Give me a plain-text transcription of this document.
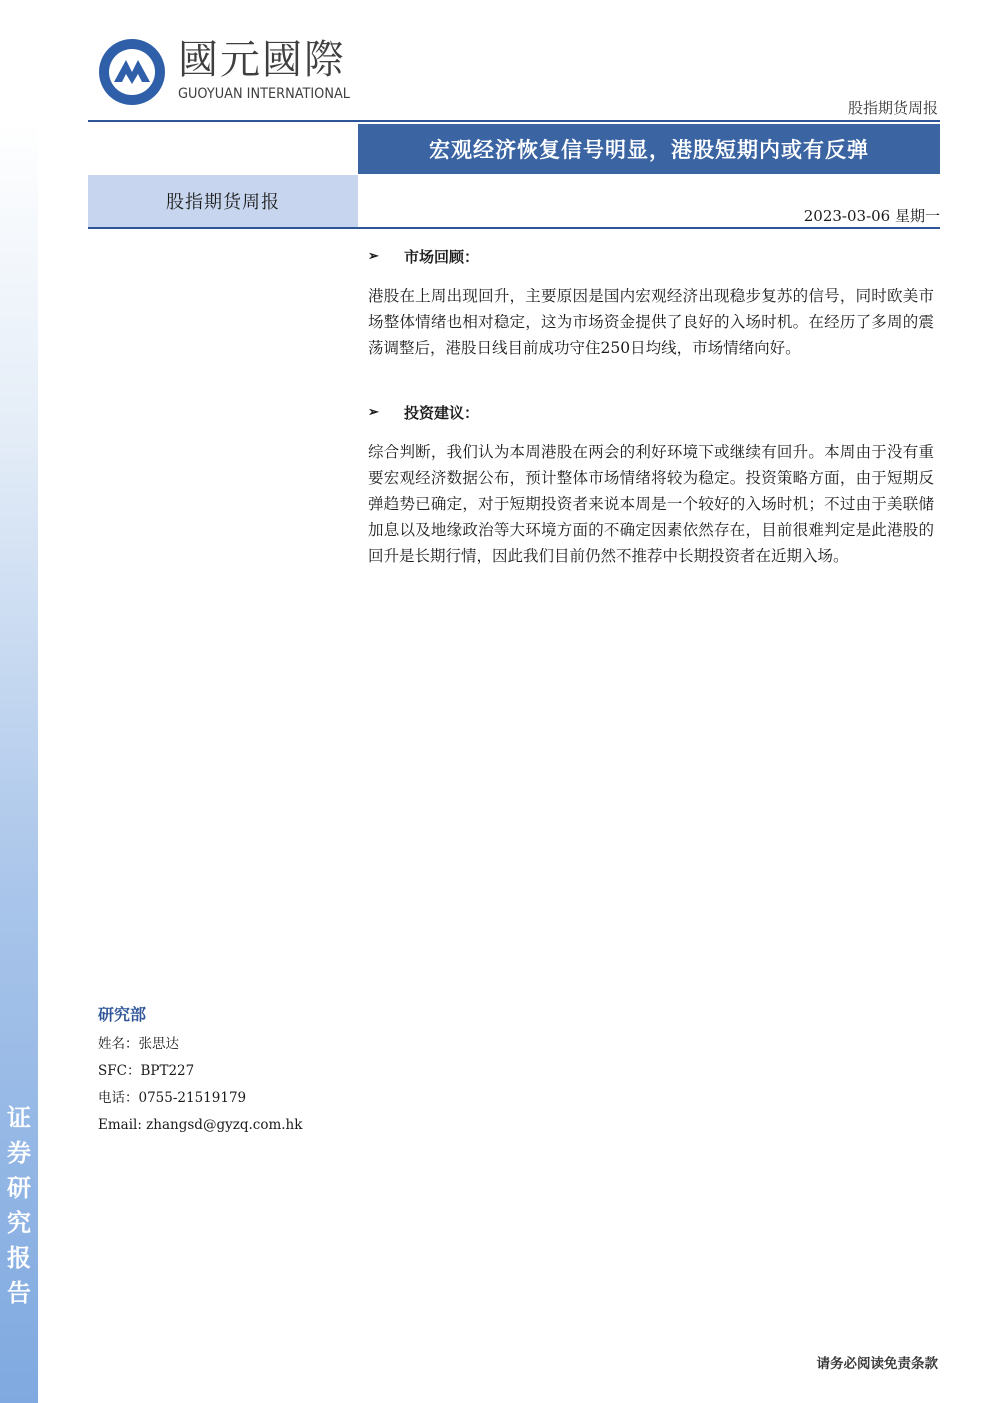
证
券
研
究
报
告
國元國際
GUOYUAN INTERNATIONAL
股指期货周报
宏观经济恢复信号明显，港股短期内或有反弹
股指期货周报
2023-03-06 星期一
➢	市场回顾：

港股在上周出现回升，主要原因是国内宏观经济出现稳步复苏的信号，同时欧美市场整体情绪也相对稳定，这为市场资金提供了良好的入场时机。在经历了多周的震荡调整后，港股日线目前成功守住250日均线，市场情绪向好。

➢	投资建议：

综合判断，我们认为本周港股在两会的利好环境下或继续有回升。本周由于没有重要宏观经济数据公布，预计整体市场情绪将较为稳定。投资策略方面，由于短期反弹趋势已确定，对于短期投资者来说本周是一个较好的入场时机；不过由于美联储加息以及地缘政治等大环境方面的不确定因素依然存在，目前很难判定是此港股的回升是长期行情，因此我们目前仍然不推荐中长期投资者在近期入场。

研究部
姓名：张思达
SFC：BPT227
电话：0755-21519179
Email: zhangsd@gyzq.com.hk
请务必阅读免责条款
